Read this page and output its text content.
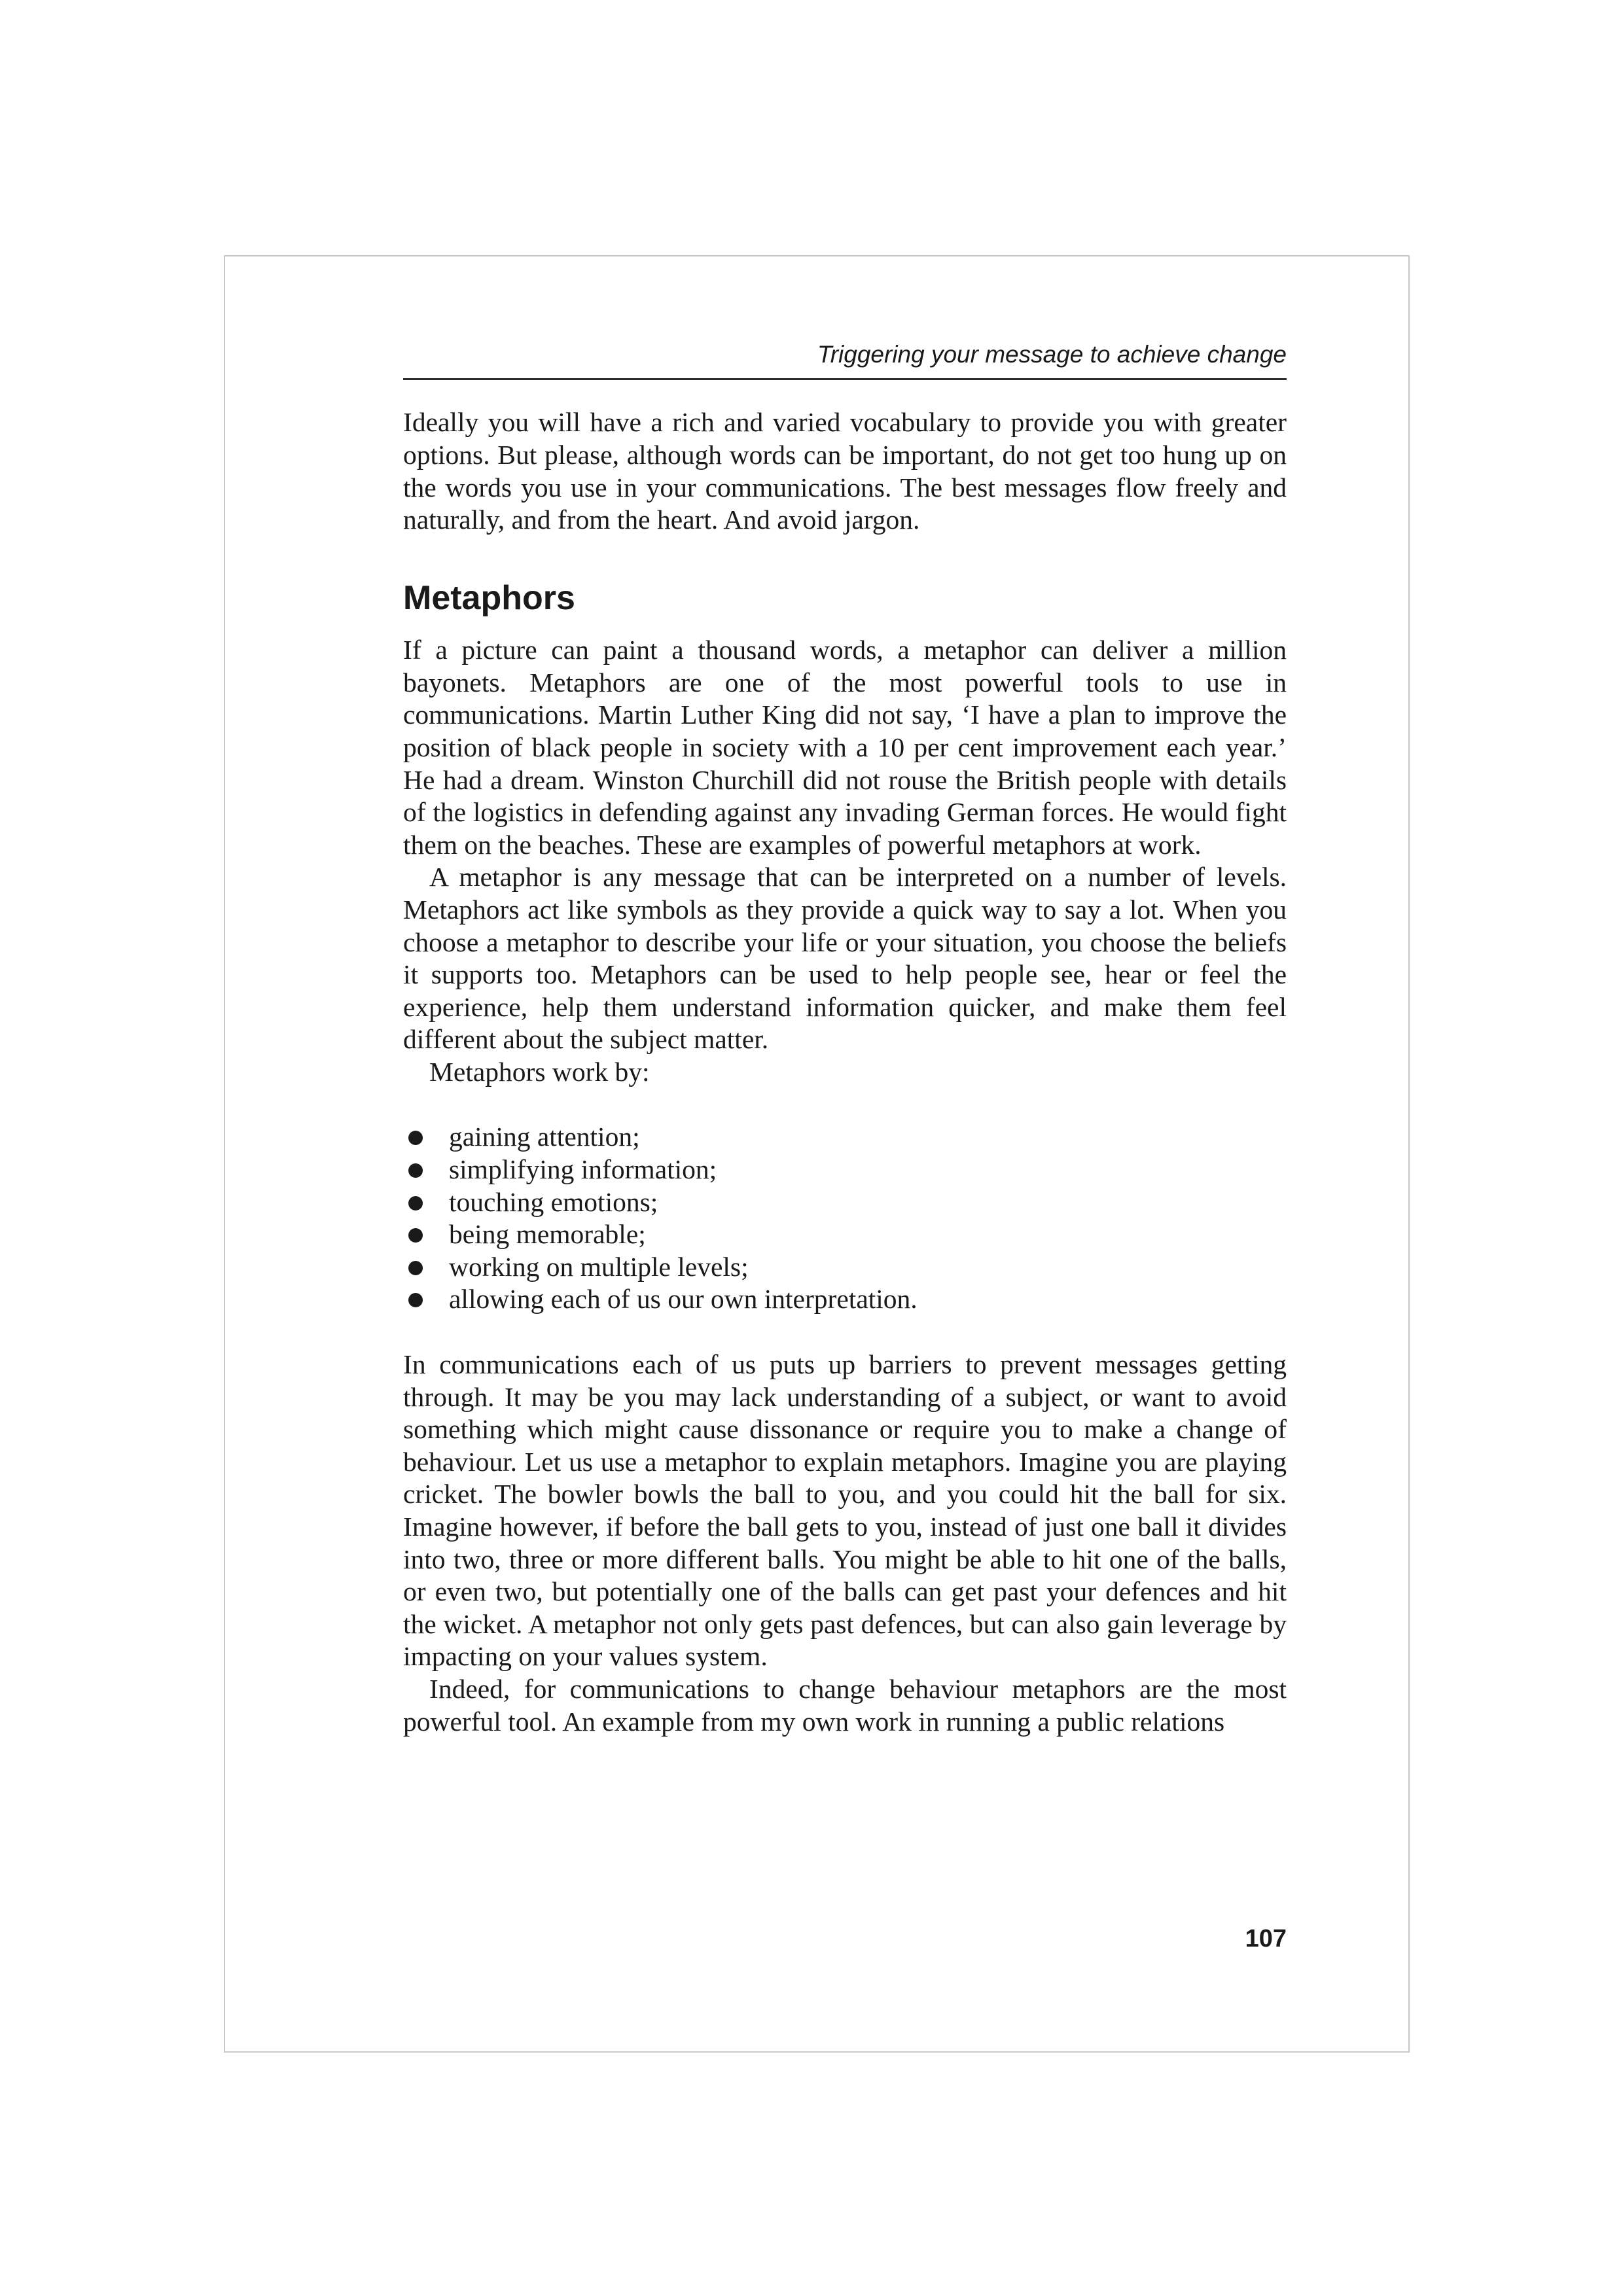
Triggering your message to achieve change

Ideally you will have a rich and varied vocabulary to provide you with greater options. But please, although words can be important, do not get too hung up on the words you use in your communications. The best messages flow freely and naturally, and from the heart. And avoid jargon.

Metaphors

If a picture can paint a thousand words, a metaphor can deliver a million bayonets. Metaphors are one of the most powerful tools to use in communications. Martin Luther King did not say, ‘I have a plan to improve the position of black people in society with a 10 per cent improvement each year.’ He had a dream. Winston Churchill did not rouse the British people with details of the logistics in defending against any invading German forces. He would fight them on the beaches. These are examples of powerful metaphors at work.

A metaphor is any message that can be interpreted on a number of levels. Metaphors act like symbols as they provide a quick way to say a lot. When you choose a metaphor to describe your life or your situation, you choose the beliefs it supports too. Metaphors can be used to help people see, hear or feel the experience, help them understand information quicker, and make them feel different about the subject matter.

Metaphors work by:

gaining attention;
simplifying information;
touching emotions;
being memorable;
working on multiple levels;
allowing each of us our own interpretation.

In communications each of us puts up barriers to prevent messages getting through. It may be you may lack understanding of a subject, or want to avoid something which might cause dissonance or require you to make a change of behaviour. Let us use a metaphor to explain metaphors. Imagine you are playing cricket. The bowler bowls the ball to you, and you could hit the ball for six. Imagine however, if before the ball gets to you, instead of just one ball it divides into two, three or more different balls. You might be able to hit one of the balls, or even two, but potentially one of the balls can get past your defences and hit the wicket. A metaphor not only gets past defences, but can also gain leverage by impacting on your values system.

Indeed, for communications to change behaviour metaphors are the most powerful tool. An example from my own work in running a public relations

107
